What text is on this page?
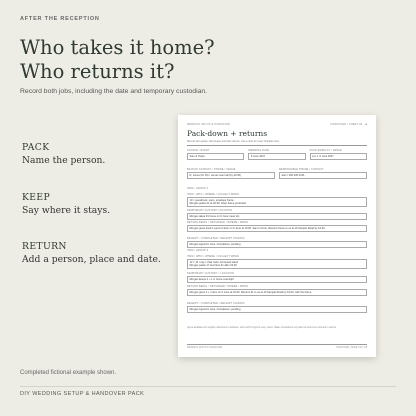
AFTER THE RECEPTION
Who takes it home?
Who returns it?
Record both jobs, including the date and temporary custodian.
PACK
Name the person.
KEEP
Say where it stays.
RETURN
Add a person, place and date.
WEDDING SETUP & HANDOVER	HANDOVER | SHEET 06 ■
Pack-down + returns
Record who packs, who keeps and who returns. Use a note for every hire/loan item.
COUPLE / EVENT
Sam & Taylor
WEDDING DATE
6 June 2027
PACK-DOWN AT / VENUE
Lot 1, 6 June 2027
BACKUP CONTACT / PHONE / VENUE
R. Jones (M. 02) / venue near hall (by 20:30)
RESPONSIBLE PHONE / CONTACT
Alex / 000 000 0101
ITEM / GROUP 1
ITEM / WHO / WHERE / COLLECT WHEN
10 × guestbook, pens, envelope frame
Morgan packs 21 at 20:30; Keep frame protected
TEMPORARY CUSTODY LOCATION
Morgan takes #1 home on 6 June; keep dry
RETURN BEING / RETURNED / WHERE / WHEN
Morgan gives book 1 pens to Sam on 6 June at 10:00. Sam's home. Returns frame to us at 16 Sample Road by 10:00.
RECEIPT / COMPLETED / RECEIPT SIGNING
Morgan signed 6 June. Completion: pending
ITEM / GROUP 2
ITEM / WHO / WHERE / COLLECT WHEN
12 × 10 / cap / chair carts, borrowed stand
Morgan packs 17 and time 61 after 20:30
TEMPORARY CUSTODY / LOCATION
Morgan keeps 2 + 1 in home overnight
RETURN BEING / RETURNED / WHERE / WHEN
Morgan gives 2 + 1 item on 6 June at 10:00. Returns 61 to us at 16 Sample Road by 10:00, with the frame.
RECEIPT / COMPLETED / RECEIPT SIGNING
Morgan signed 6 June. Completion: pending
Agree deadlines for supplier collections in advance, and confirm logs for every return. Make completions only after the items are returned in person.
WEDDING SETUP & HANDOVER	HANDOVER | SHEET 06 | 6/8
Completed fictional example shown.
DIY WEDDING SETUP & HANDOVER PACK
